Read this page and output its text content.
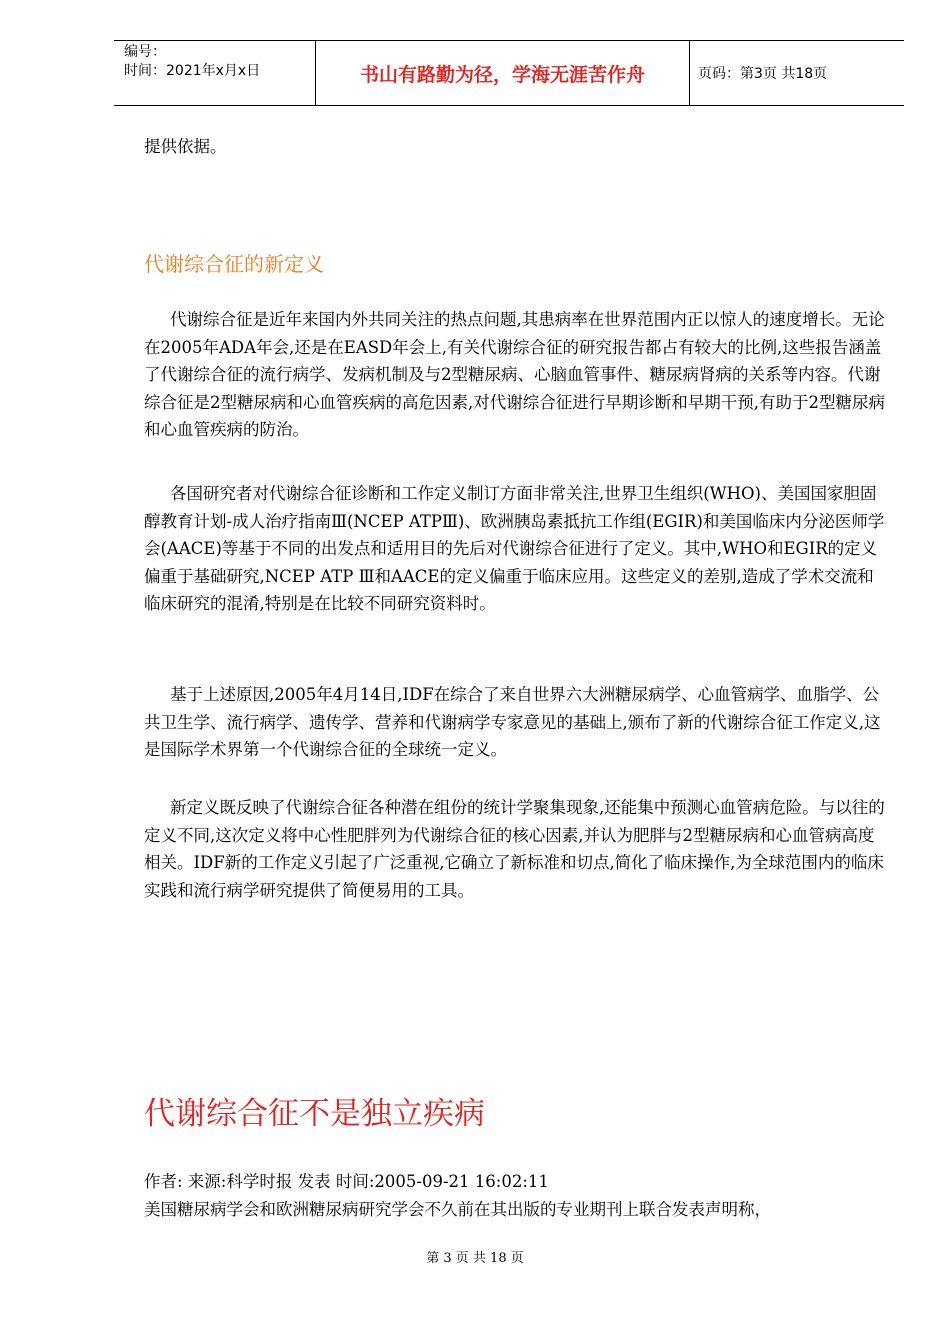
编号：
时间：2021年x月x日	书山有路勤为径，学海无涯苦作舟	页码：第3页 共18页

提供依据。

代谢综合征的新定义

代谢综合征是近年来国内外共同关注的热点问题,其患病率在世界范围内正以惊人的速度增长。无论在2005年ADA年会,还是在EASD年会上,有关代谢综合征的研究报告都占有较大的比例,这些报告涵盖了代谢综合征的流行病学、发病机制及与2型糖尿病、心脑血管事件、糖尿病肾病的关系等内容。代谢综合征是2型糖尿病和心血管疾病的高危因素,对代谢综合征进行早期诊断和早期干预,有助于2型糖尿病和心血管疾病的防治。

各国研究者对代谢综合征诊断和工作定义制订方面非常关注,世界卫生组织(WHO)、美国国家胆固醇教育计划-成人治疗指南Ⅲ(NCEP ATPⅢ)、欧洲胰岛素抵抗工作组(EGIR)和美国临床内分泌医师学会(AACE)等基于不同的出发点和适用目的先后对代谢综合征进行了定义。其中,WHO和EGIR的定义偏重于基础研究,NCEP ATP Ⅲ和AACE的定义偏重于临床应用。这些定义的差别,造成了学术交流和临床研究的混淆,特别是在比较不同研究资料时。

基于上述原因,2005年4月14日,IDF在综合了来自世界六大洲糖尿病学、心血管病学、血脂学、公共卫生学、流行病学、遗传学、营养和代谢病学专家意见的基础上,颁布了新的代谢综合征工作定义,这是国际学术界第一个代谢综合征的全球统一定义。

新定义既反映了代谢综合征各种潜在组份的统计学聚集现象,还能集中预测心血管病危险。与以往的定义不同,这次定义将中心性肥胖列为代谢综合征的核心因素,并认为肥胖与2型糖尿病和心血管病高度相关。IDF新的工作定义引起了广泛重视,它确立了新标准和切点,简化了临床操作,为全球范围内的临床实践和流行病学研究提供了简便易用的工具。

代谢综合征不是独立疾病

作者: 来源:科学时报 发表 时间:2005-09-21 16:02:11

美国糖尿病学会和欧洲糖尿病研究学会不久前在其出版的专业期刊上联合发表声明称，

第 3 页 共 18 页
